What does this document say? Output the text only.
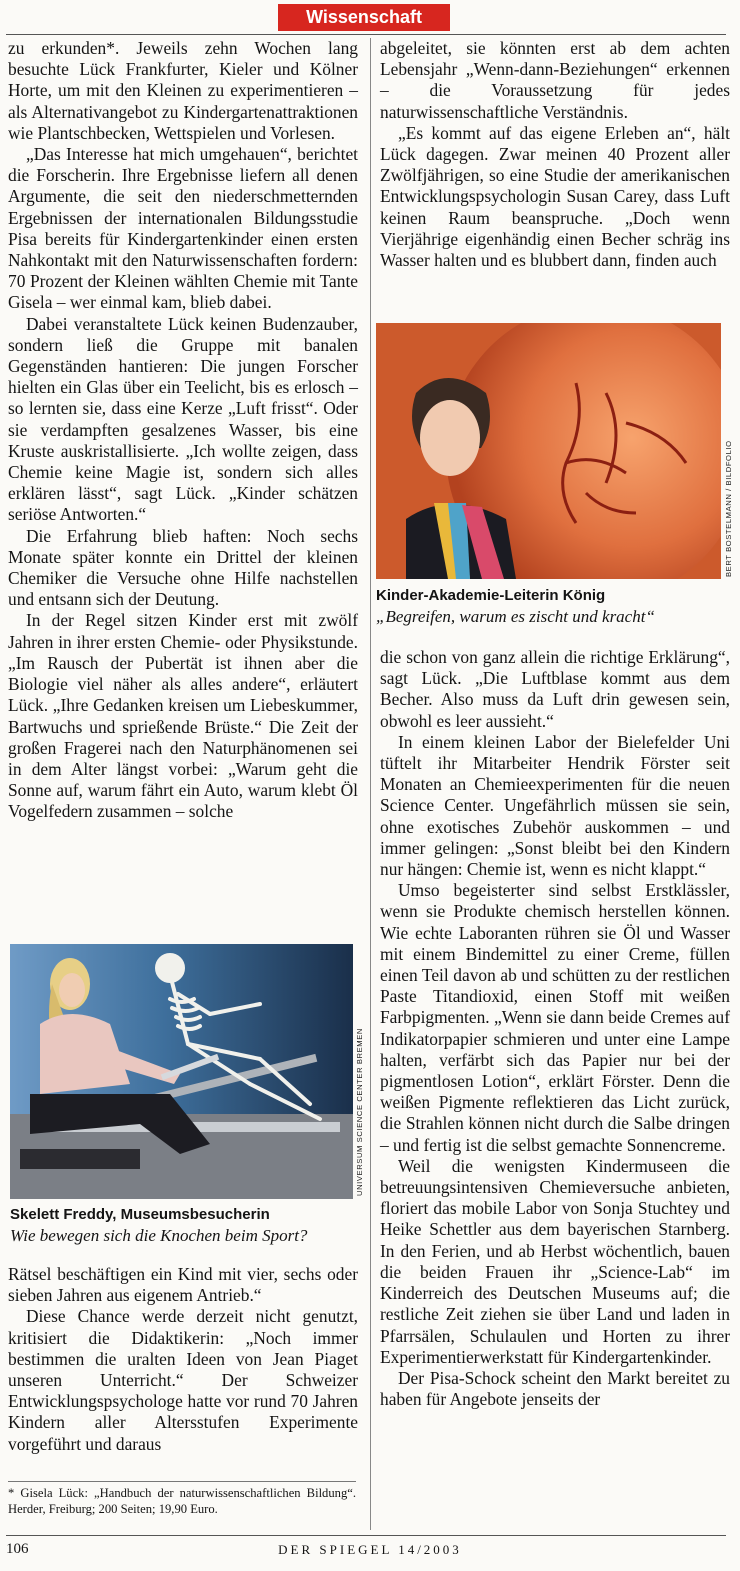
Wissenschaft

zu erkunden*. Jeweils zehn Wochen lang besuchte Lück Frankfurter, Kieler und Kölner Horte, um mit den Kleinen zu experimentieren – als Alternativangebot zu Kindergartenattraktionen wie Plantschbecken, Wettspielen und Vorlesen.

„Das Interesse hat mich umgehauen“, berichtet die Forscherin. Ihre Ergebnisse liefern all denen Argumente, die seit den niederschmetternden Ergebnissen der internationalen Bildungsstudie Pisa bereits für Kindergartenkinder einen ersten Nahkontakt mit den Naturwissenschaften fordern: 70 Prozent der Kleinen wählten Chemie mit Tante Gisela – wer einmal kam, blieb dabei.

Dabei veranstaltete Lück keinen Budenzauber, sondern ließ die Gruppe mit banalen Gegenständen hantieren: Die jungen Forscher hielten ein Glas über ein Teelicht, bis es erlosch – so lernten sie, dass eine Kerze „Luft frisst“. Oder sie verdampften gesalzenes Wasser, bis eine Kruste auskristallisierte. „Ich wollte zeigen, dass Chemie keine Magie ist, sondern sich alles erklären lässt“, sagt Lück. „Kinder schätzen seriöse Antworten.“

Die Erfahrung blieb haften: Noch sechs Monate später konnte ein Drittel der kleinen Chemiker die Versuche ohne Hilfe nachstellen und entsann sich der Deutung.

In der Regel sitzen Kinder erst mit zwölf Jahren in ihrer ersten Chemie- oder Physikstunde. „Im Rausch der Pubertät ist ihnen aber die Biologie viel näher als alles andere“, erläutert Lück. „Ihre Gedanken kreisen um Liebeskummer, Bartwuchs und sprießende Brüste.“ Die Zeit der großen Fragerei nach den Naturphänomenen sei in dem Alter längst vorbei: „Warum geht die Sonne auf, warum fährt ein Auto, warum klebt Öl Vogelfedern zusammen – solche

UNIVERSUM SCIENCE CENTER BREMEN
Skelett Freddy, Museumsbesucherin
Wie bewegen sich die Knochen beim Sport?

Rätsel beschäftigen ein Kind mit vier, sechs oder sieben Jahren aus eigenem Antrieb.“

Diese Chance werde derzeit nicht genutzt, kritisiert die Didaktikerin: „Noch immer bestimmen die uralten Ideen von Jean Piaget unseren Unterricht.“ Der Schweizer Entwicklungspsychologe hatte vor rund 70 Jahren Kindern aller Altersstufen Experimente vorgeführt und daraus

* Gisela Lück: „Handbuch der naturwissenschaftlichen Bildung“. Herder, Freiburg; 200 Seiten; 19,90 Euro.

abgeleitet, sie könnten erst ab dem achten Lebensjahr „Wenn-dann-Beziehungen“ erkennen – die Voraussetzung für jedes naturwissenschaftliche Verständnis.

„Es kommt auf das eigene Erleben an“, hält Lück dagegen. Zwar meinen 40 Prozent aller Zwölfjährigen, so eine Studie der amerikanischen Entwicklungspsychologin Susan Carey, dass Luft keinen Raum beanspruche. „Doch wenn Vierjährige eigenhändig einen Becher schräg ins Wasser halten und es blubbert dann, finden auch

BERT BOSTELMANN / BILDFOLIO
Kinder-Akademie-Leiterin König
„Begreifen, warum es zischt und kracht“

die schon von ganz allein die richtige Erklärung“, sagt Lück. „Die Luftblase kommt aus dem Becher. Also muss da Luft drin gewesen sein, obwohl es leer aussieht.“

In einem kleinen Labor der Bielefelder Uni tüftelt ihr Mitarbeiter Hendrik Förster seit Monaten an Chemieexperimenten für die neuen Science Center. Ungefährlich müssen sie sein, ohne exotisches Zubehör auskommen – und immer gelingen: „Sonst bleibt bei den Kindern nur hängen: Chemie ist, wenn es nicht klappt.“

Umso begeisterter sind selbst Erstklässler, wenn sie Produkte chemisch herstellen können. Wie echte Laboranten rühren sie Öl und Wasser mit einem Bindemittel zu einer Creme, füllen einen Teil davon ab und schütten zu der restlichen Paste Titandioxid, einen Stoff mit weißen Farbpigmenten. „Wenn sie dann beide Cremes auf Indikatorpapier schmieren und unter eine Lampe halten, verfärbt sich das Papier nur bei der pigmentlosen Lotion“, erklärt Förster. Denn die weißen Pigmente reflektieren das Licht zurück, die Strahlen können nicht durch die Salbe dringen – und fertig ist die selbst gemachte Sonnencreme.

Weil die wenigsten Kindermuseen die betreuungsintensiven Chemieversuche anbieten, floriert das mobile Labor von Sonja Stuchtey und Heike Schettler aus dem bayerischen Starnberg. In den Ferien, und ab Herbst wöchentlich, bauen die beiden Frauen ihr „Science-Lab“ im Kinderreich des Deutschen Museums auf; die restliche Zeit ziehen sie über Land und laden in Pfarrsälen, Schulaulen und Horten zu ihrer Experimentierwerkstatt für Kindergartenkinder.

Der Pisa-Schock scheint den Markt bereitet zu haben für Angebote jenseits der

106	DER SPIEGEL 14/2003
